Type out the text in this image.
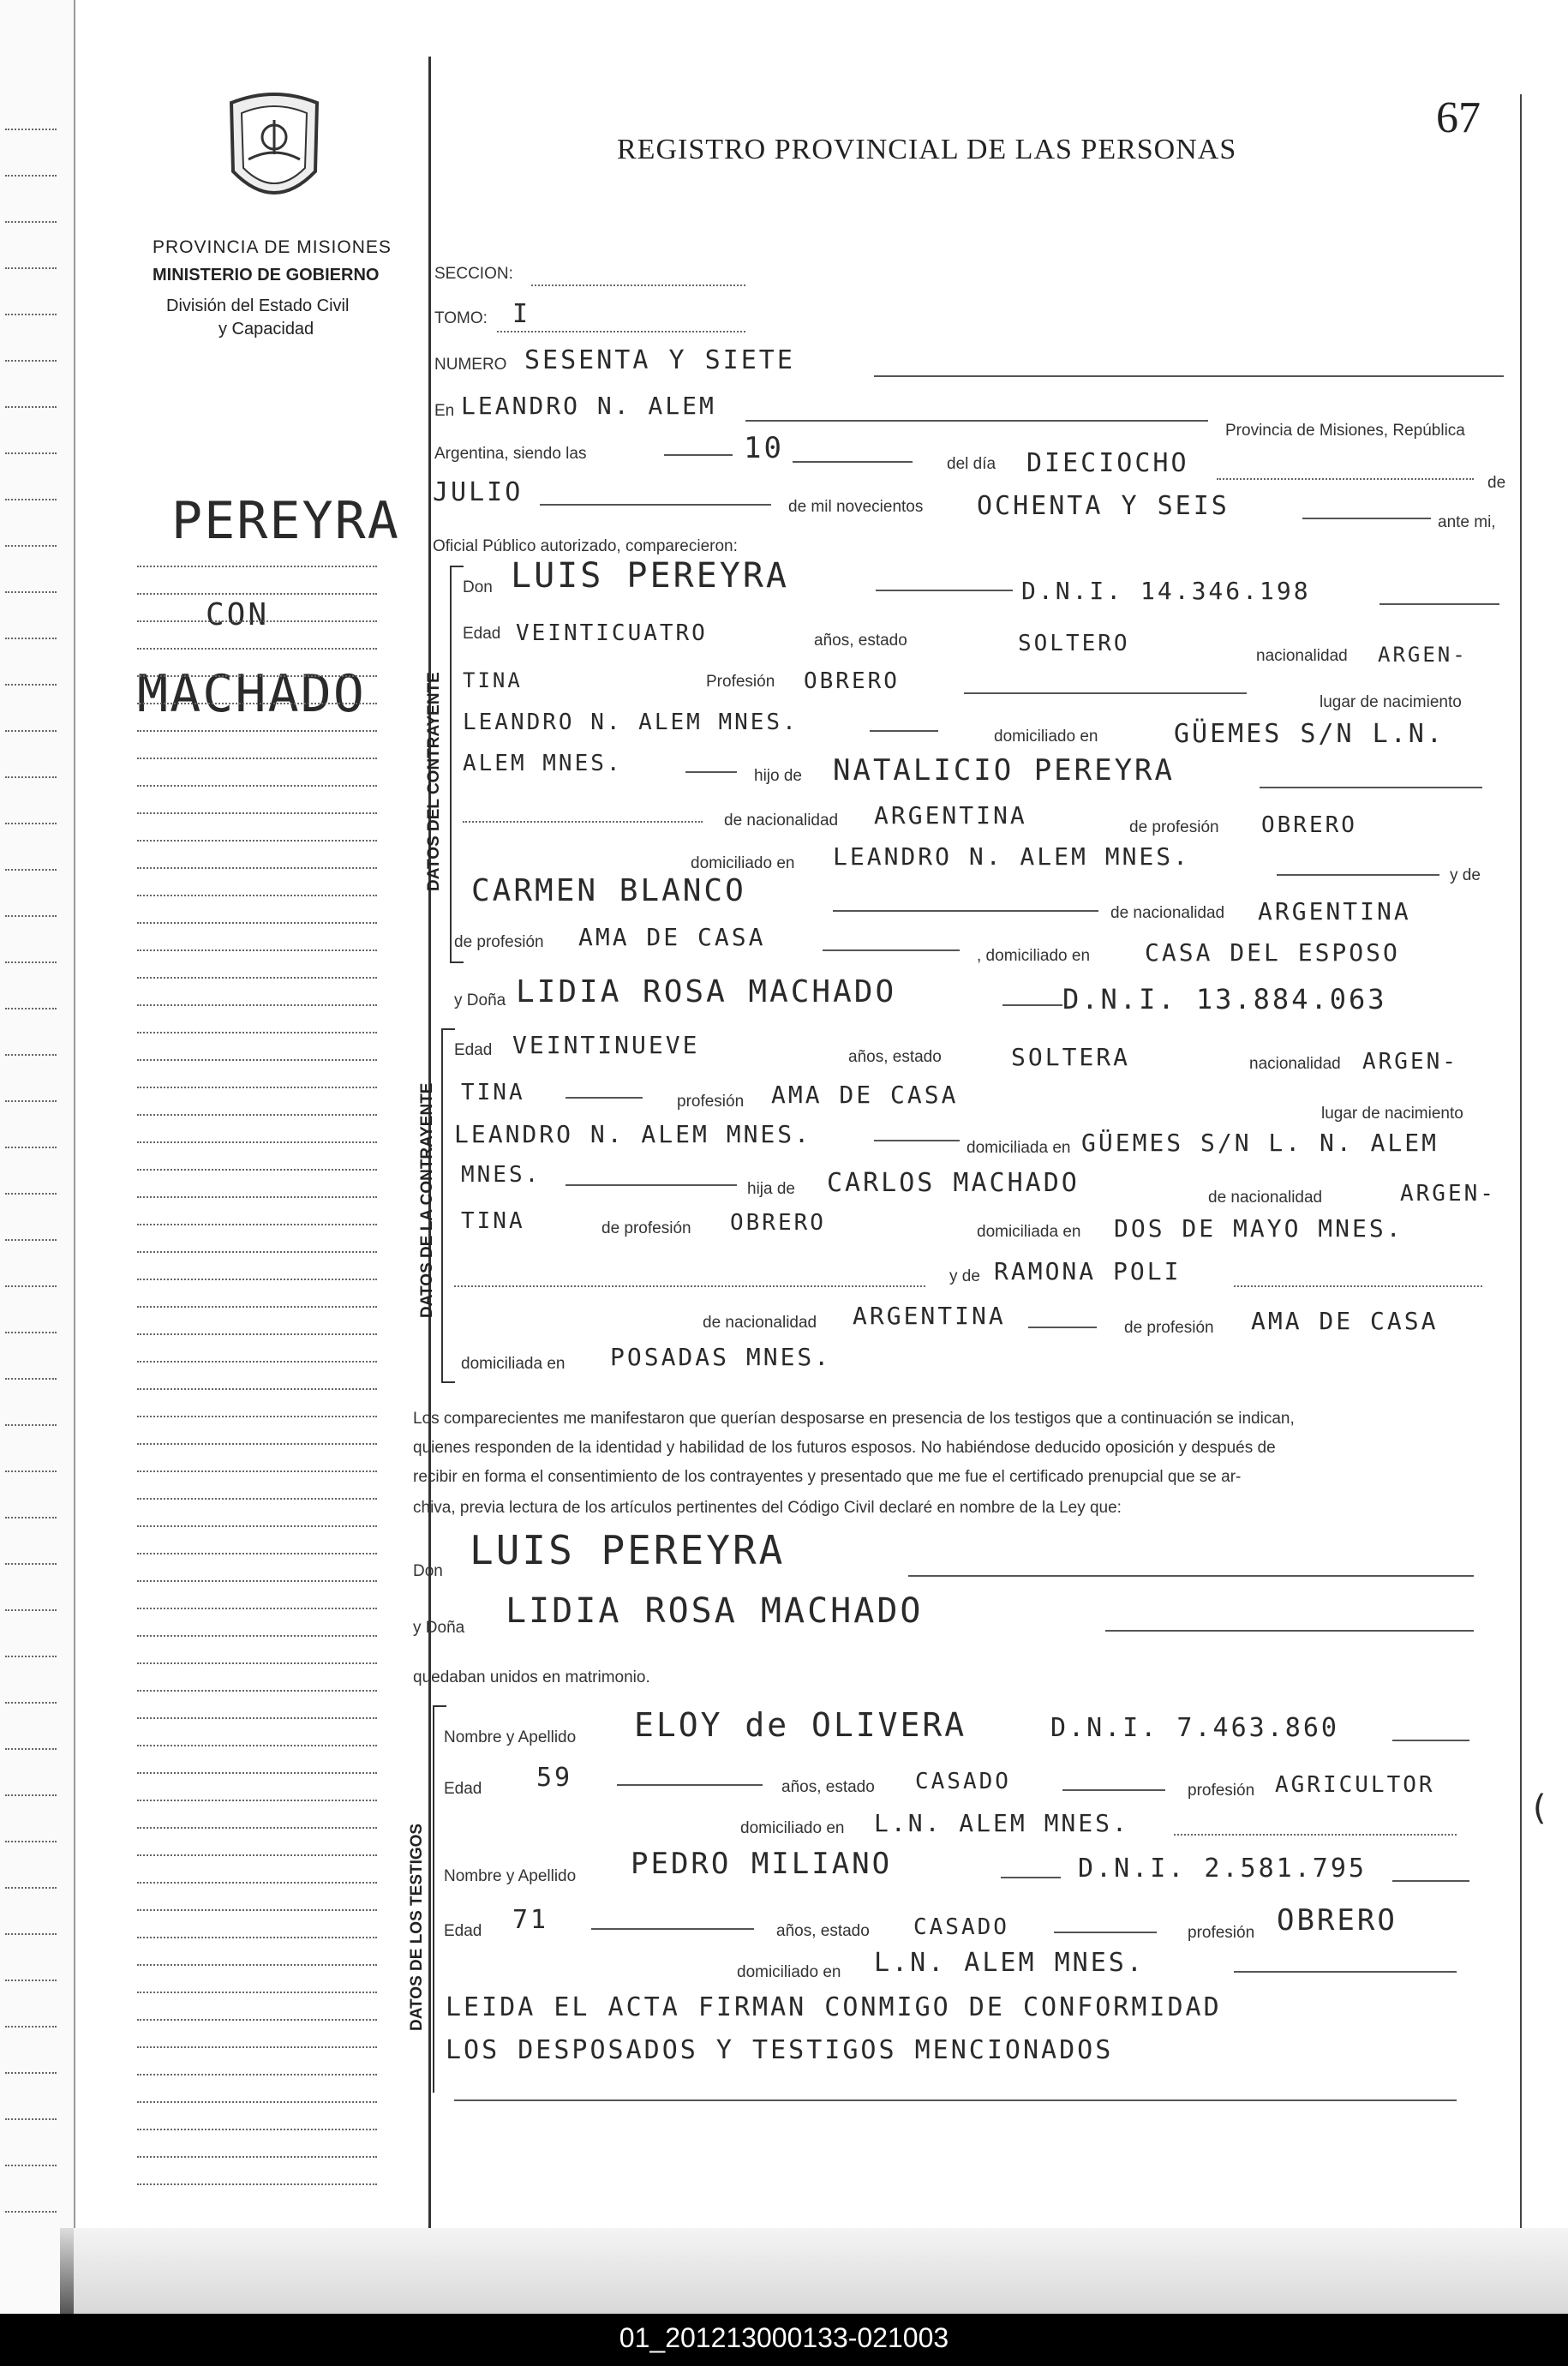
01_201213000133-021003
PROVINCIA DE MISIONES
MINISTERIO DE GOBIERNO
División del Estado Civil
y Capacidad
PEREYRA
CON
MACHADO
REGISTRO PROVINCIAL DE LAS PERSONAS
67
SECCION:
TOMO: I
NUMERO SESENTA Y SIETE
En LEANDRO N. ALEM
Provincia de Misiones, República
Argentina, siendo las	10	del día DIECIOCHO
de
JULIO	de mil novecientos OCHENTA Y SEIS
ante mi,
Oficial Público autorizado, comparecieron:
DATOS DEL CONTRAYENTE
Don LUIS PEREYRA	D.N.I. 14.346.198
Edad VEINTICUATRO	años, estado	SOLTERO	nacionalidad ARGEN-
TINA	Profesión OBRERO
lugar de nacimiento
LEANDRO N. ALEM MNES.
domiciliado en	GÜEMES S/N L.N.
ALEM MNES.	hijo de NATALICIO PEREYRA
de nacionalidad ARGENTINA	de profesión OBRERO
domiciliado en LEANDRO N. ALEM MNES.
y de
CARMEN BLANCO
de nacionalidad ARGENTINA
de profesión AMA DE CASA
, domiciliado en CASA DEL ESPOSO
DATOS DE LA CONTRAYENTE
y Doña LIDIA ROSA MACHADO	D.N.I. 13.884.063
Edad VEINTINUEVE	años, estado	SOLTERA	nacionalidad ARGEN-
TINA	profesión AMA DE CASA
lugar de nacimiento
LEANDRO N. ALEM MNES.	domiciliada en GÜEMES S/N L. N. ALEM
MNES.
hija de CARLOS MACHADO	de nacionalidad	ARGEN-
TINA	de profesión OBRERO	domiciliada en DOS DE MAYO MNES.
y de RAMONA POLI
de nacionalidad ARGENTINA	de profesión AMA DE CASA
domiciliada en POSADAS MNES.
Los comparecientes me manifestaron que querían desposarse en presencia de los testigos que a continuación se indican,
quienes responden de la identidad y habilidad de los futuros esposos. No habiéndose deducido oposición y después de
recibir en forma el consentimiento de los contrayentes y presentado que me fue el certificado prenupcial que se ar-
chiva, previa lectura de los artículos pertinentes del Código Civil declaré en nombre de la Ley que:
Don LUIS PEREYRA
y Doña LIDIA ROSA MACHADO
quedaban unidos en matrimonio.
DATOS DE LOS TESTIGOS
Nombre y Apellido ELOY de OLIVERA	D.N.I. 7.463.860
Edad 59	años, estado CASADO	profesión AGRICULTOR
(
domiciliado en L.N. ALEM MNES.
Nombre y Apellido PEDRO MILIANO	D.N.I. 2.581.795
Edad 71	años, estado CASADO	profesión OBRERO
domiciliado en L.N. ALEM MNES.
LEIDA EL ACTA FIRMAN CONMIGO DE CONFORMIDAD
LOS DESPOSADOS Y TESTIGOS MENCIONADOS
